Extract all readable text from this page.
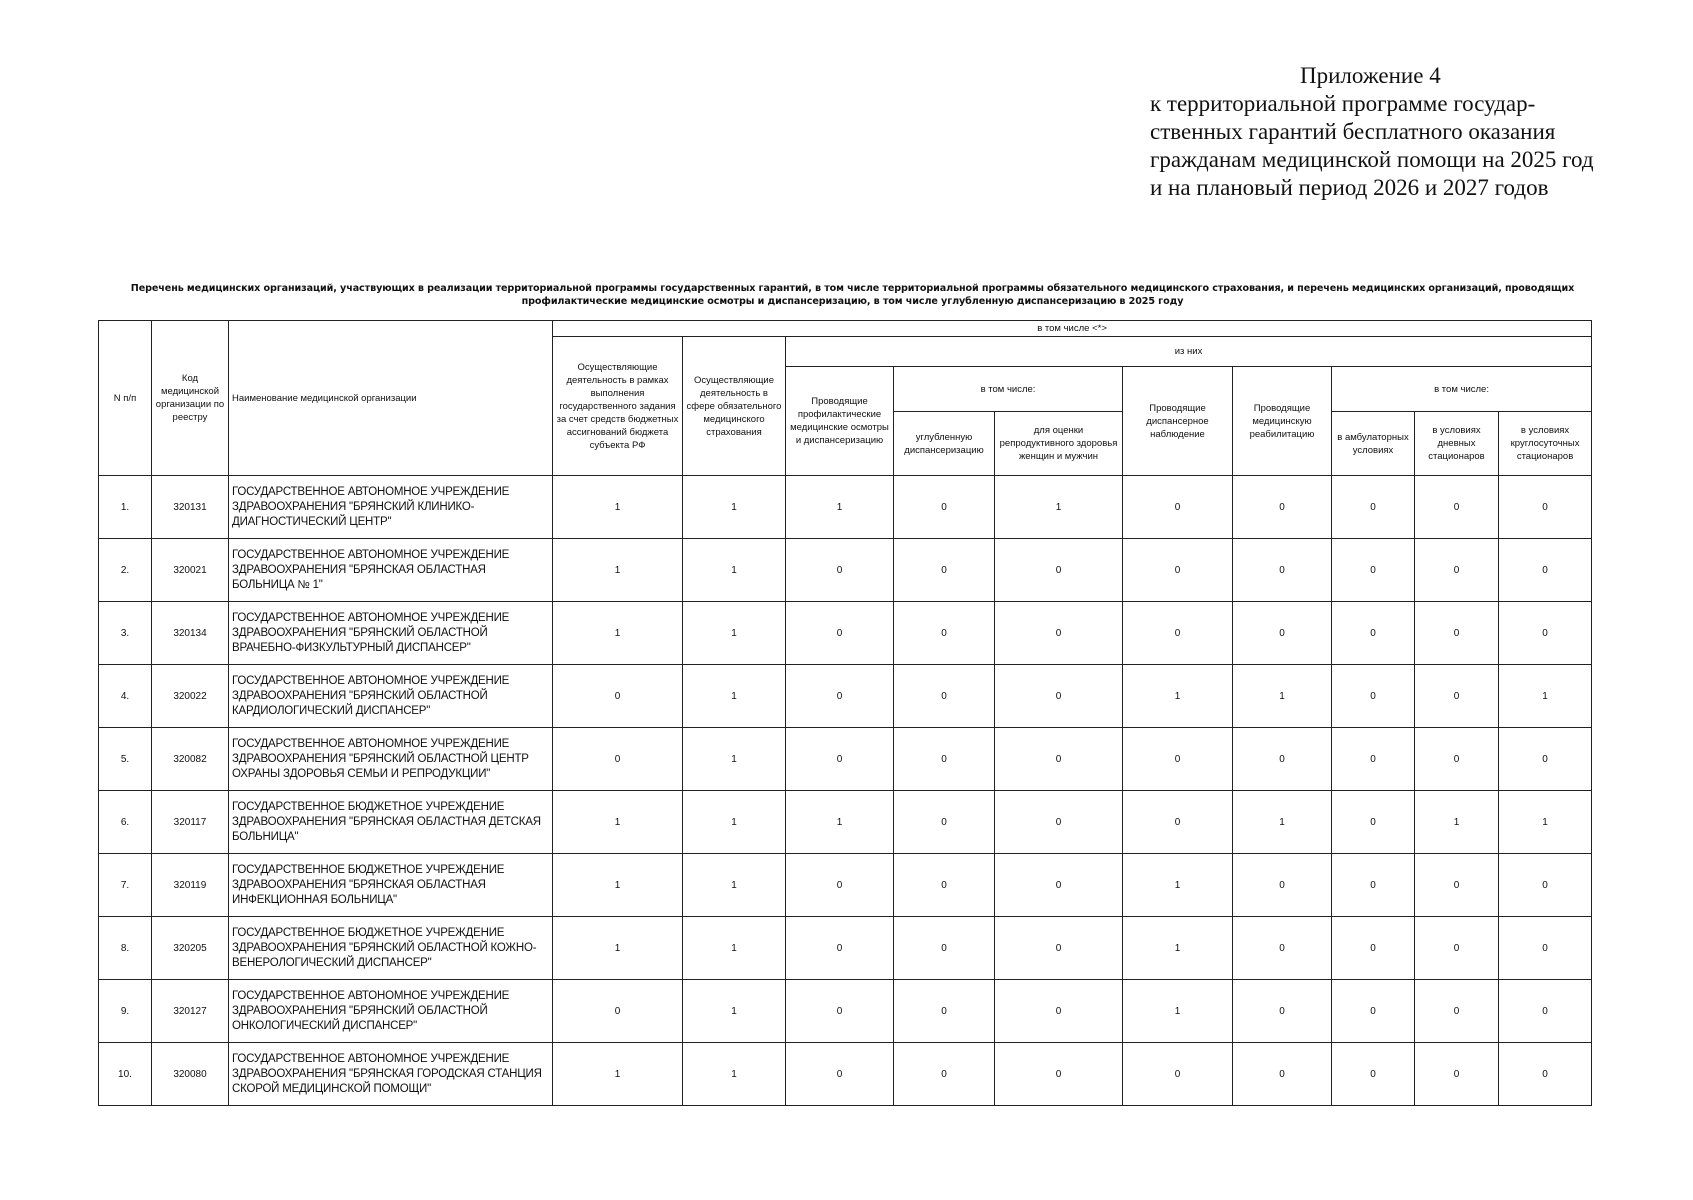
Приложение 4
к территориальной программе государ-
ственных гарантий бесплатного оказания
гражданам медицинской помощи на 2025 год
и на плановый период 2026 и 2027 годов
Перечень медицинских организаций, участвующих в реализации территориальной программы государственных гарантий, в том числе территориальной программы обязательного медицинского страхования, и перечень медицинских организаций, проводящих
профилактические медицинские осмотры и диспансеризацию, в том числе углубленную диспансеризацию в 2025 году
N п/п	Код медицинской организации по реестру	Наименование медицинской организации	в том числе <*>									
			Осуществляющие деятельность в рамках выполнения государственного задания за счет средств бюджетных ассигнований бюджета субъекта РФ	Осуществляющие деятельность в сфере обязательного медицинского страхования	из них							
					Проводящие профилактические медицинские осмотры и диспансеризацию	в том числе:		Проводящие диспансерное наблюдение	Проводящие медицинскую реабилитацию	в том числе:		
						углубленную диспансеризацию	для оценки репродуктивного здоровья женщин и мужчин			в амбулаторных условиях	в условиях дневных стационаров	в условиях круглосуточных стационаров
1.	320131	ГОСУДАРСТВЕННОЕ АВТОНОМНОЕ УЧРЕЖДЕНИЕ ЗДРАВООХРАНЕНИЯ "БРЯНСКИЙ КЛИНИКО-ДИАГНОСТИЧЕСКИЙ ЦЕНТР"	1	1	1	0	1	0	0	0	0	0
2.	320021	ГОСУДАРСТВЕННОЕ АВТОНОМНОЕ УЧРЕЖДЕНИЕ ЗДРАВООХРАНЕНИЯ "БРЯНСКАЯ ОБЛАСТНАЯ БОЛЬНИЦА № 1"	1	1	0	0	0	0	0	0	0	0
3.	320134	ГОСУДАРСТВЕННОЕ АВТОНОМНОЕ УЧРЕЖДЕНИЕ ЗДРАВООХРАНЕНИЯ "БРЯНСКИЙ ОБЛАСТНОЙ ВРАЧЕБНО-ФИЗКУЛЬТУРНЫЙ ДИСПАНСЕР"	1	1	0	0	0	0	0	0	0	0
4.	320022	ГОСУДАРСТВЕННОЕ АВТОНОМНОЕ УЧРЕЖДЕНИЕ ЗДРАВООХРАНЕНИЯ "БРЯНСКИЙ ОБЛАСТНОЙ КАРДИОЛОГИЧЕСКИЙ ДИСПАНСЕР"	0	1	0	0	0	1	1	0	0	1
5.	320082	ГОСУДАРСТВЕННОЕ АВТОНОМНОЕ УЧРЕЖДЕНИЕ ЗДРАВООХРАНЕНИЯ "БРЯНСКИЙ ОБЛАСТНОЙ ЦЕНТР ОХРАНЫ ЗДОРОВЬЯ СЕМЬИ И РЕПРОДУКЦИИ"	0	1	0	0	0	0	0	0	0	0
6.	320117	ГОСУДАРСТВЕННОЕ БЮДЖЕТНОЕ УЧРЕЖДЕНИЕ ЗДРАВООХРАНЕНИЯ "БРЯНСКАЯ ОБЛАСТНАЯ ДЕТСКАЯ БОЛЬНИЦА"	1	1	1	0	0	0	1	0	1	1
7.	320119	ГОСУДАРСТВЕННОЕ БЮДЖЕТНОЕ УЧРЕЖДЕНИЕ ЗДРАВООХРАНЕНИЯ "БРЯНСКАЯ ОБЛАСТНАЯ ИНФЕКЦИОННАЯ БОЛЬНИЦА"	1	1	0	0	0	1	0	0	0	0
8.	320205	ГОСУДАРСТВЕННОЕ БЮДЖЕТНОЕ УЧРЕЖДЕНИЕ ЗДРАВООХРАНЕНИЯ "БРЯНСКИЙ ОБЛАСТНОЙ КОЖНО-ВЕНЕРОЛОГИЧЕСКИЙ ДИСПАНСЕР"	1	1	0	0	0	1	0	0	0	0
9.	320127	ГОСУДАРСТВЕННОЕ АВТОНОМНОЕ УЧРЕЖДЕНИЕ ЗДРАВООХРАНЕНИЯ "БРЯНСКИЙ ОБЛАСТНОЙ ОНКОЛОГИЧЕСКИЙ ДИСПАНСЕР"	0	1	0	0	0	1	0	0	0	0
10.	320080	ГОСУДАРСТВЕННОЕ АВТОНОМНОЕ УЧРЕЖДЕНИЕ ЗДРАВООХРАНЕНИЯ "БРЯНСКАЯ ГОРОДСКАЯ СТАНЦИЯ СКОРОЙ МЕДИЦИНСКОЙ ПОМОЩИ"	1	1	0	0	0	0	0	0	0	0
